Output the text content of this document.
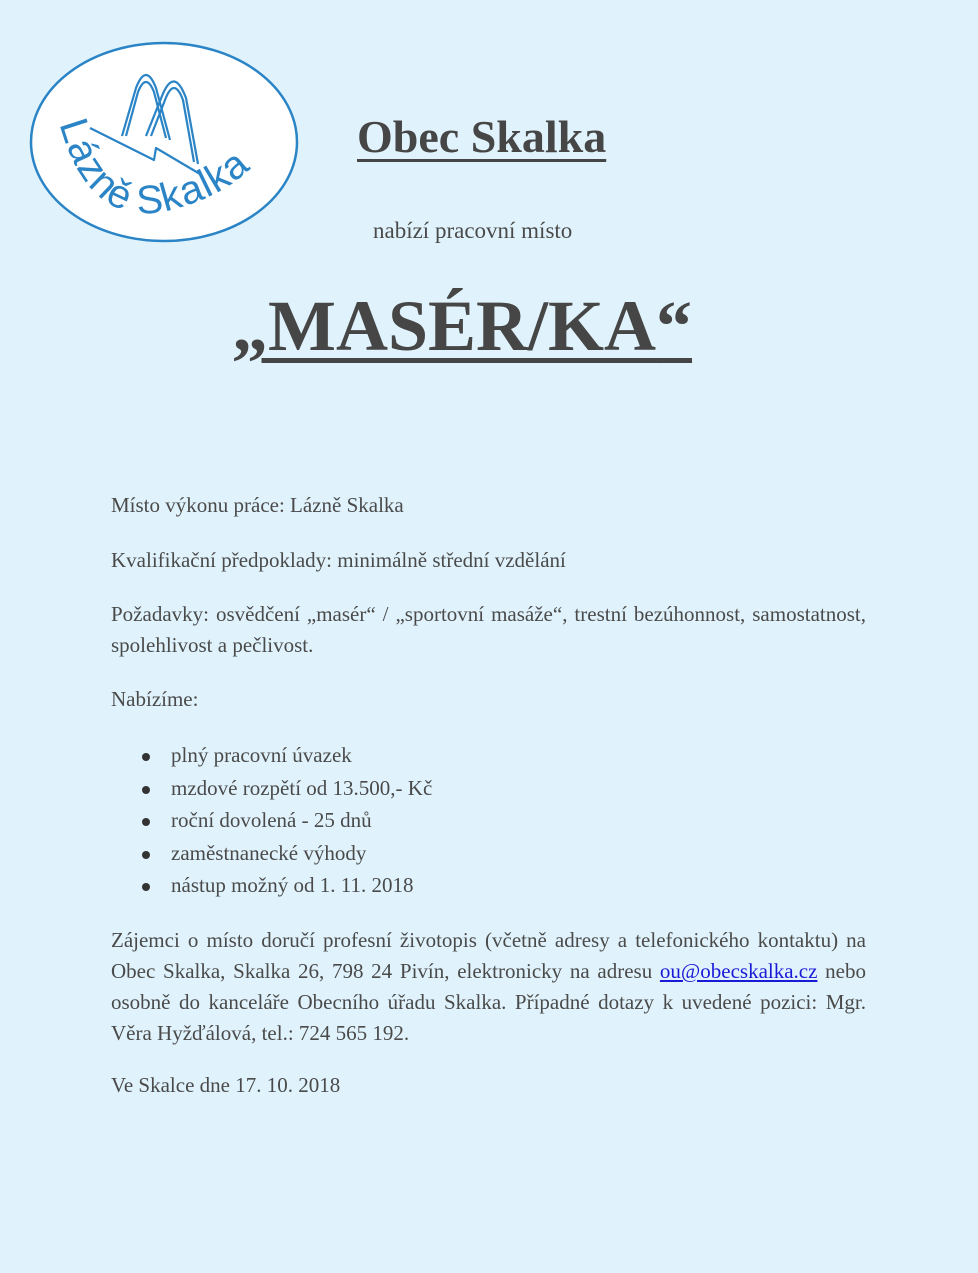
Lázně Skalka
Obec Skalka
nabízí pracovní místo
„MASÉR/KA“

Místo výkonu práce: Lázně Skalka

Kvalifikační předpoklady: minimálně střední vzdělání

Požadavky: osvědčení „masér“ / „sportovní masáže“, trestní bezúhonnost, samostatnost, spolehlivost a pečlivost.

Nabízíme:

plný pracovní úvazek
mzdové rozpětí od 13.500,- Kč
roční dovolená - 25 dnů
zaměstnanecké výhody
nástup možný od 1. 11. 2018

Zájemci o místo doručí profesní životopis (včetně adresy a telefonického kontaktu) na Obec Skalka, Skalka 26, 798 24 Pivín, elektronicky na adresu ou@obecskalka.cz nebo osobně do kanceláře Obecního úřadu Skalka. Případné dotazy k uvedené pozici: Mgr. Věra Hyžďálová, tel.: 724 565 192.

Ve Skalce dne 17. 10. 2018
